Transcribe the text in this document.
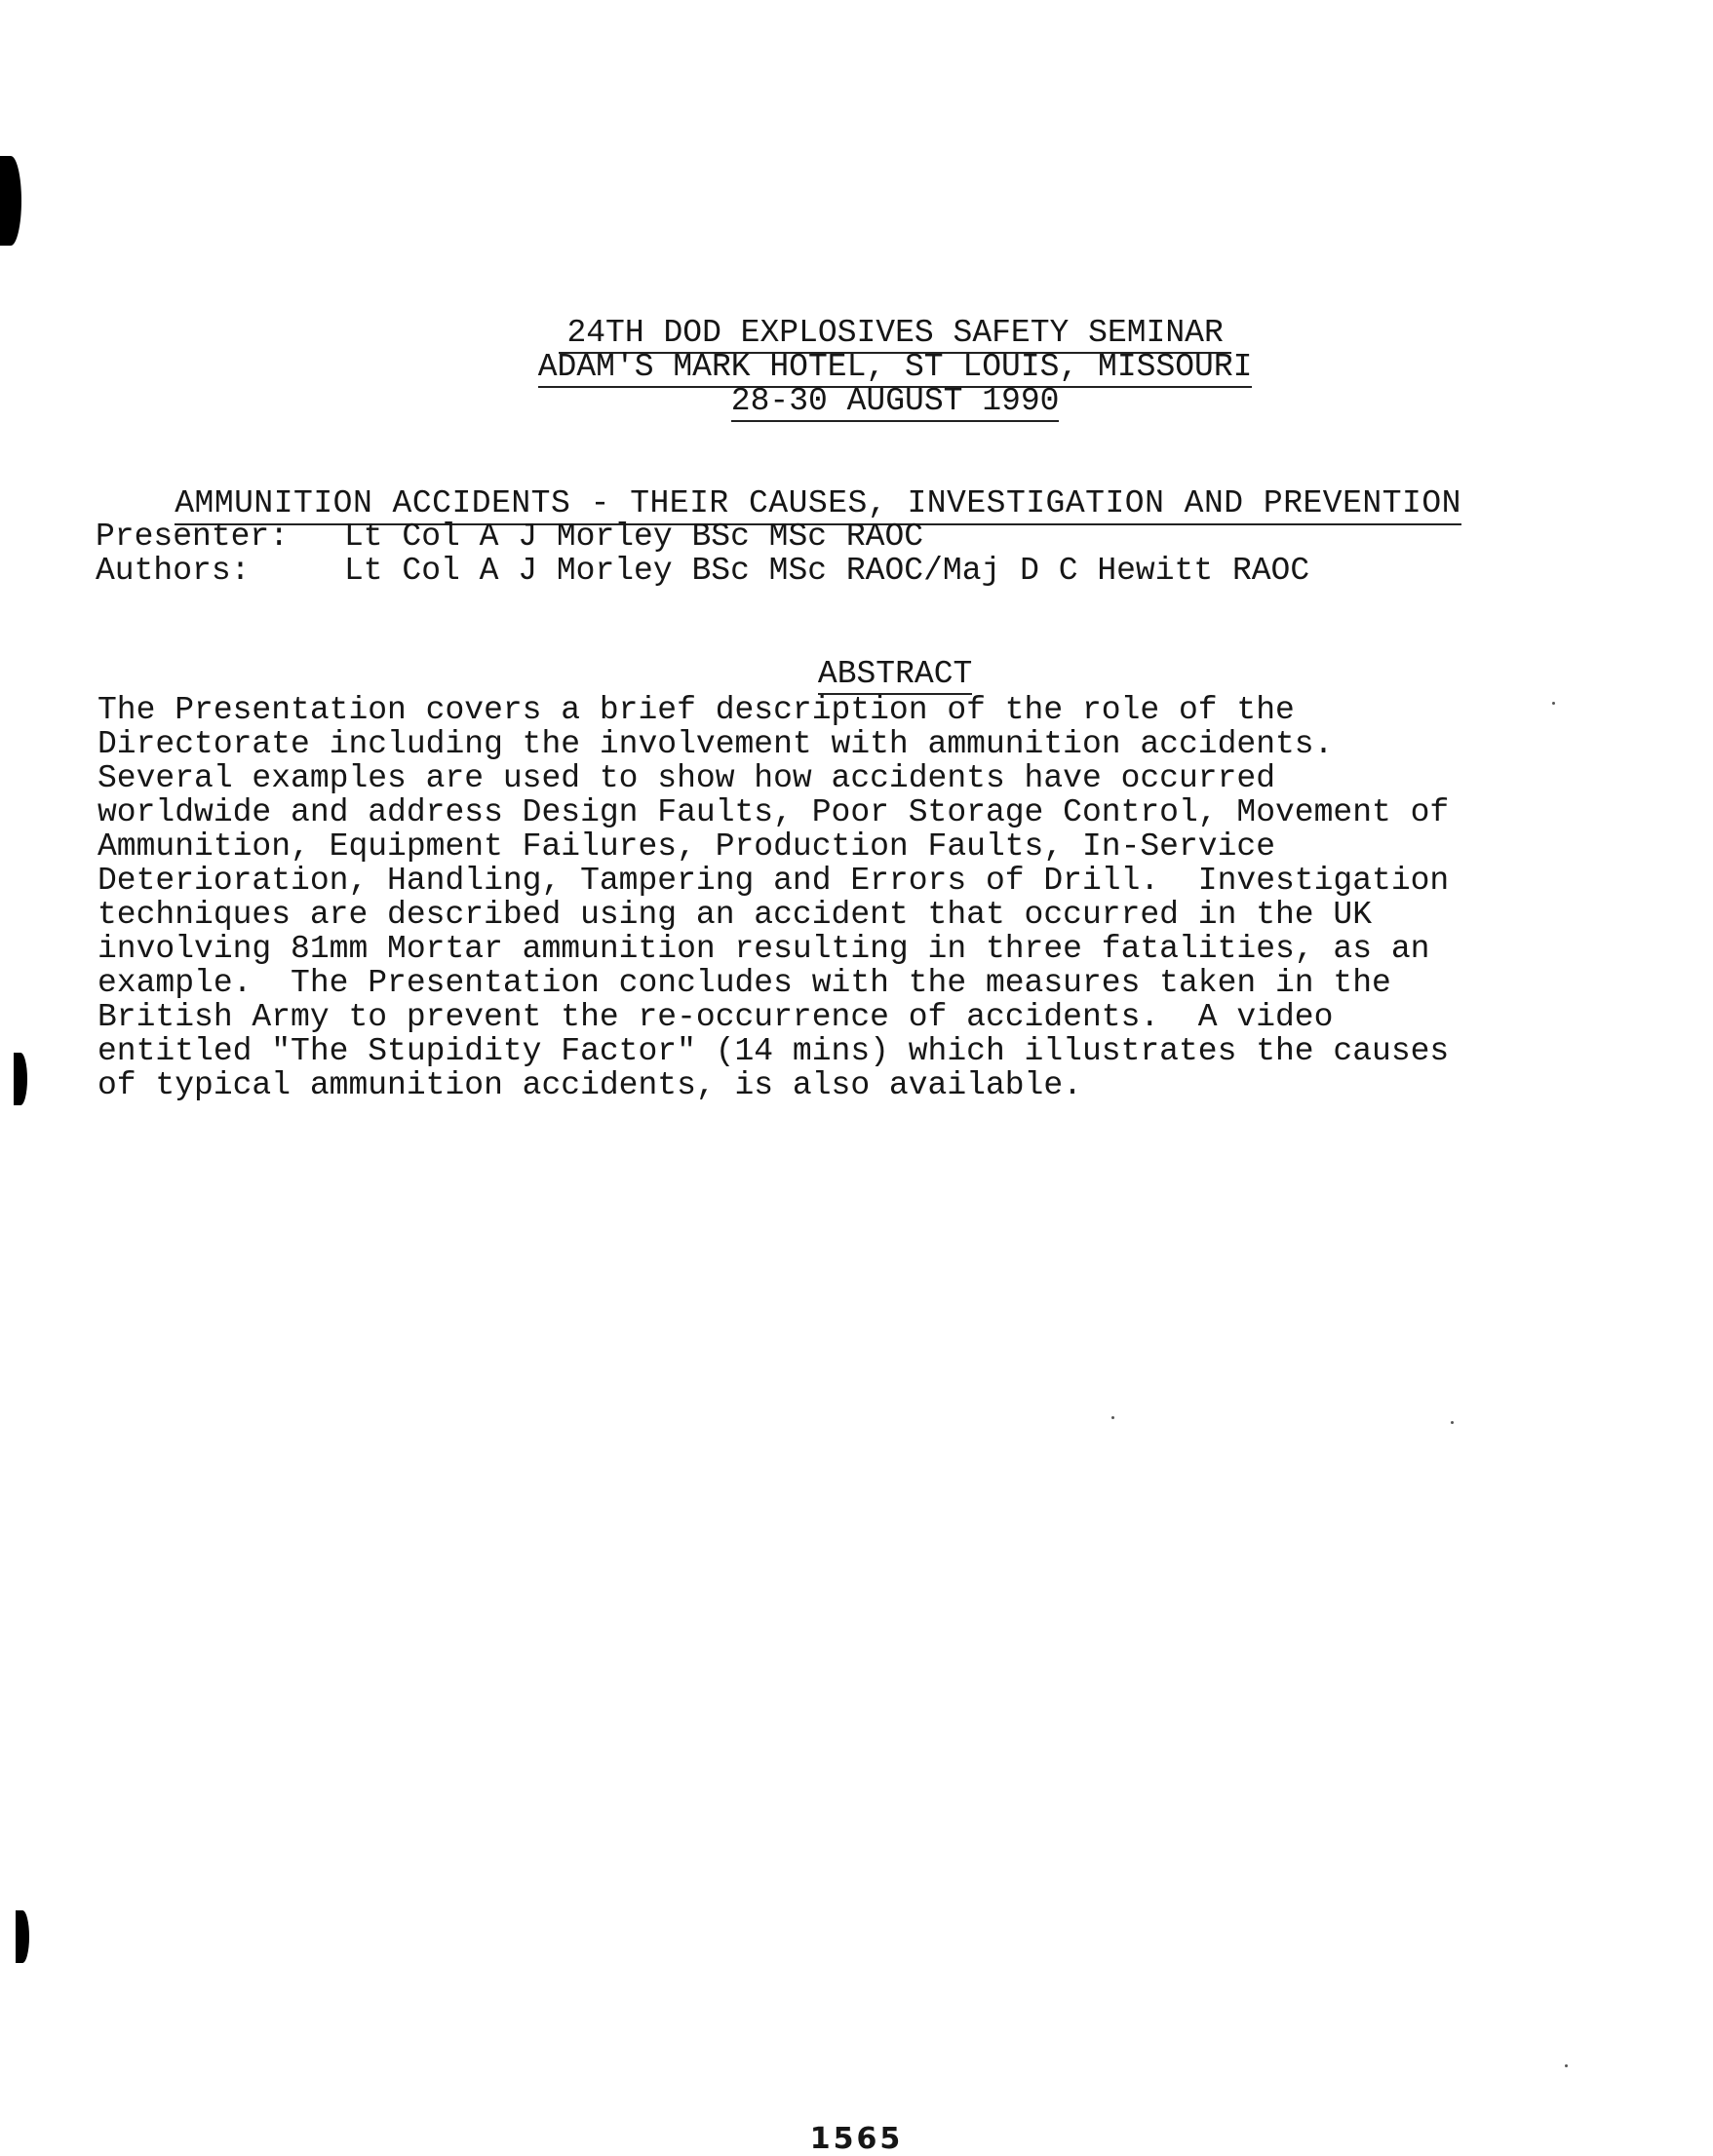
24TH DOD EXPLOSIVES SAFETY SEMINAR

ADAM'S MARK HOTEL, ST LOUIS, MISSOURI

28-30 AUGUST 1990

AMMUNITION ACCIDENTS - THEIR CAUSES, INVESTIGATION AND PREVENTION

Presenter: Lt Col A J Morley BSc MSc RAOC
Authors:	Lt Col A J Morley BSc MSc RAOC/Maj D C Hewitt RAOC

ABSTRACT

The Presentation covers a brief description of the role of the
Directorate including the involvement with ammunition accidents.
Several examples are used to show how accidents have occurred
worldwide and address Design Faults, Poor Storage Control, Movement of
Ammunition, Equipment Failures, Production Faults, In-Service
Deterioration, Handling, Tampering and Errors of Drill.  Investigation
techniques are described using an accident that occurred in the UK
involving 81mm Mortar ammunition resulting in three fatalities, as an
example.  The Presentation concludes with the measures taken in the
British Army to prevent the re-occurrence of accidents.  A video
entitled "The Stupidity Factor" (14 mins) which illustrates the causes
of typical ammunition accidents, is also available.
1565
